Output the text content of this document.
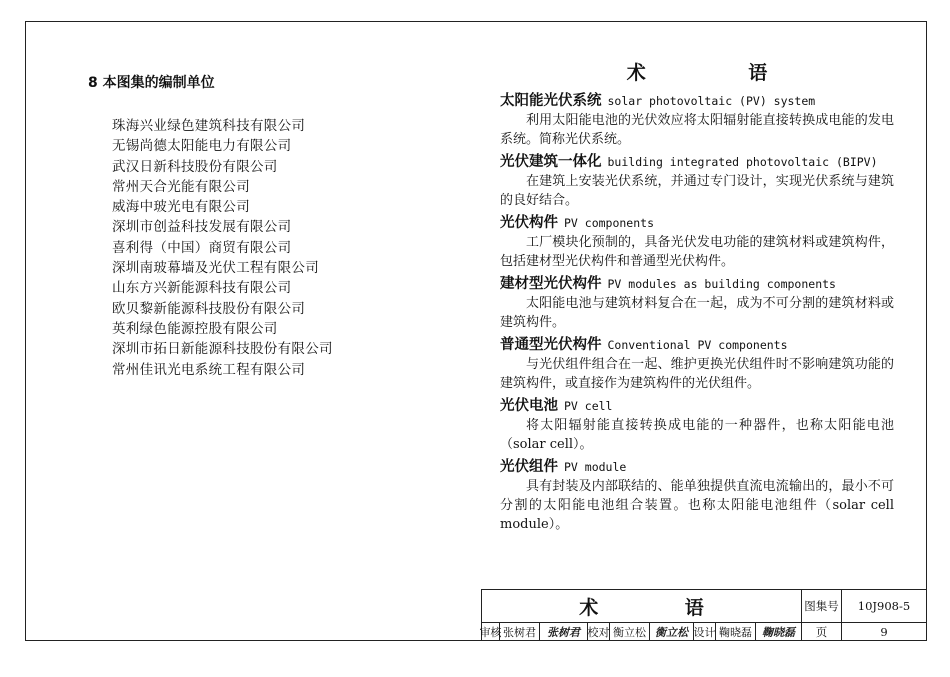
8 本图集的编制单位
珠海兴业绿色建筑科技有限公司
无锡尚德太阳能电力有限公司
武汉日新科技股份有限公司
常州天合光能有限公司
威海中玻光电有限公司
深圳市创益科技发展有限公司
喜利得（中国）商贸有限公司
深圳南玻幕墙及光伏工程有限公司
山东方兴新能源科技有限公司
欧贝黎新能源科技股份有限公司
英利绿色能源控股有限公司
深圳市拓日新能源科技股份有限公司
常州佳讯光电系统工程有限公司
术 语
太阳能光伏系统 solar photovoltaic (PV) system

利用太阳能电池的光伏效应将太阳辐射能直接转换成电能的发电系统。简称光伏系统。

光伏建筑一体化 building integrated photovoltaic (BIPV)

在建筑上安装光伏系统，并通过专门设计，实现光伏系统与建筑的良好结合。

光伏构件 PV components

工厂模块化预制的，具备光伏发电功能的建筑材料或建筑构件，包括建材型光伏构件和普通型光伏构件。

建材型光伏构件 PV modules as building components

太阳能电池与建筑材料复合在一起，成为不可分割的建筑材料或建筑构件。

普通型光伏构件 Conventional PV components

与光伏组件组合在一起、维护更换光伏组件时不影响建筑功能的建筑构件，或直接作为建筑构件的光伏组件。

光伏电池 PV cell

将太阳辐射能直接转换成电能的一种器件，也称太阳能电池（solar cell）。

光伏组件 PV module

具有封装及内部联结的、能单独提供直流电流输出的，最小不可分割的太阳能电池组合装置。也称太阳能电池组件（solar cell module）。

术 语	图集号	10J908-5
审核 张树君	张树君 校对 衡立松 衡立松 设计 鞠晓磊 鞠晓磊	页	9
